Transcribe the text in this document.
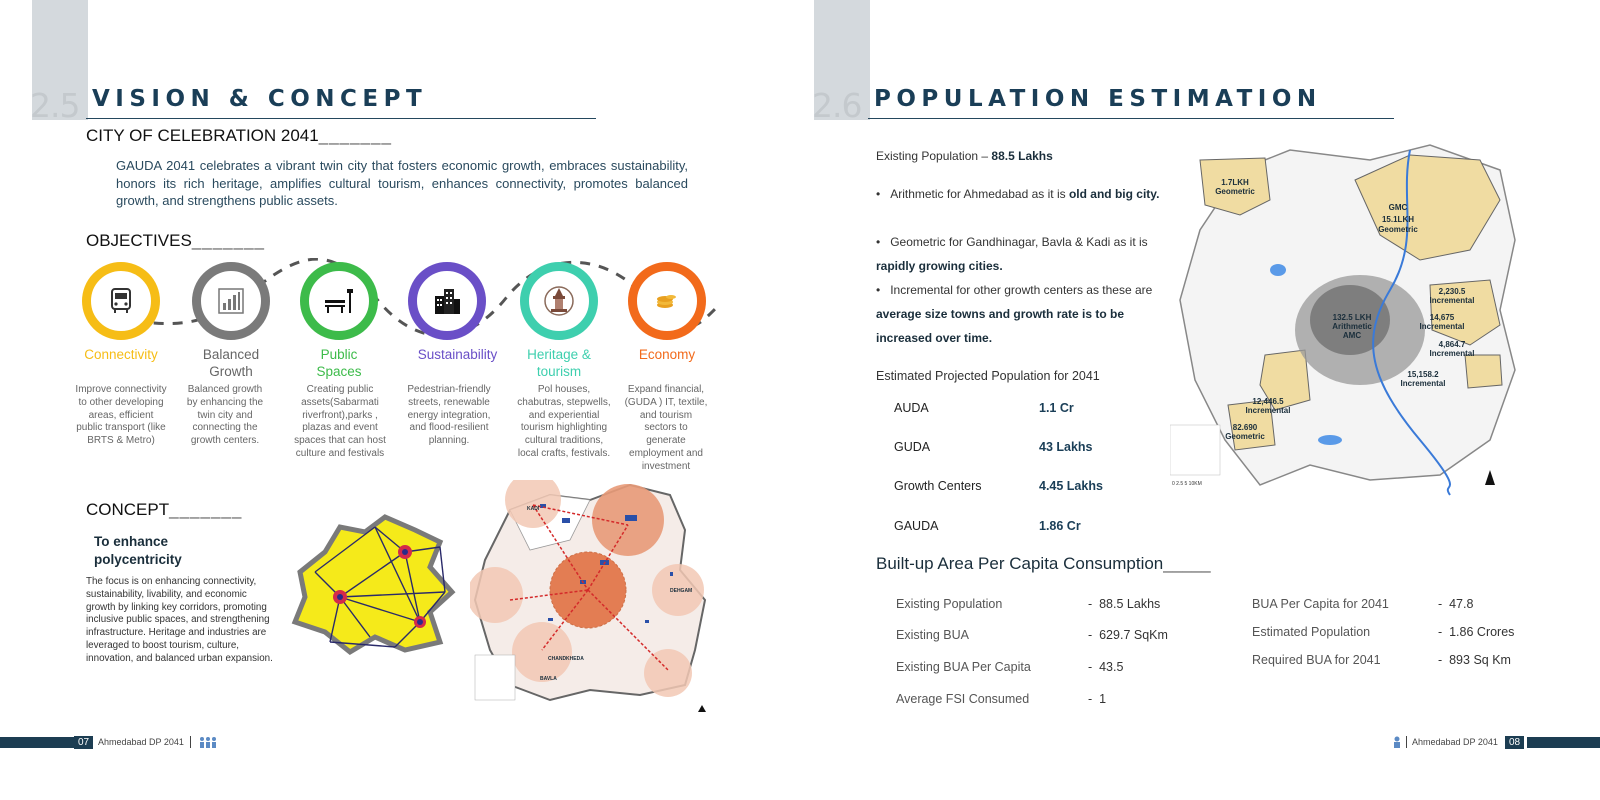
2.5 VISION & CONCEPT
CITY OF CELEBRATION 2041_______
GAUDA 2041 celebrates a vibrant twin city that fosters economic growth, embraces sustainability, honors its rich heritage, amplifies cultural tourism, enhances connectivity, promotes balanced growth, and strengthens public assets.
OBJECTIVES_______
Connectivity	Balanced Growth
Public Spaces
Sustainability	Heritage & tourism
Economy
Improve connectivity to other developing areas, efficient public transport (like BRTS & Metro)
Balanced growth by enhancing the twin city and connecting the growth centers.
Creating public assets(Sabarmati riverfront),parks , plazas and event spaces that can host culture and festivals
Pedestrian-friendly streets, renewable energy integration, and flood-resilient planning.
Pol houses, chabutras, stepwells, and experiential tourism highlighting cultural traditions, local crafts, festivals.
Expand financial,(GUDA ) IT, textile, and tourism sectors to generate employment and investment
CONCEPT_______
To enhance polycentricity
The focus is on enhancing connectivity, sustainability, livability, and economic growth by linking key corridors, promoting inclusive public spaces, and strengthening infrastructure. Heritage and industries are leveraged to boost tourism, culture, innovation, and balanced urban expansion.
KADI
CHANDKHEDA
BAVLA
DEHGAM
07 Ahmedabad DP 2041
2.6 POPULATION ESTIMATION
Existing Population – 88.5 Lakhs
•   Arithmetic for Ahmedabad as it is old and big city.
•   Geometric for Gandhinagar, Bavla & Kadi as it is rapidly growing cities.
•   Incremental for other growth centers as these are average size towns and growth rate is to be increased over time.
Estimated Projected Population for 2041
AUDA	1.1 Cr
GUDA	43 Lakhs
Growth Centers	4.45 Lakhs
GAUDA	1.86 Cr
1.7LKH
Geometric
GMC
15.1LKH
Geometric
2,230.5
Incremental
14,675
Incremental
132.5 LKH
Arithmetic
AMC
4,864.7
Incremental
15,158.2
Incremental
12,446.5
Incremental
82.690
Geometric
0 2.5 5 10KM
Built-up Area Per Capita Consumption_____
Existing Population	-  88.5 Lakhs
Existing BUA	-  629.7 SqKm
Existing BUA Per Capita	-  43.5
Average FSI Consumed	-  1
BUA Per Capita for 2041	-  47.8
Estimated Population	-  1.86 Crores
Required BUA for 2041	-  893 Sq Km
Ahmedabad DP 2041	08
